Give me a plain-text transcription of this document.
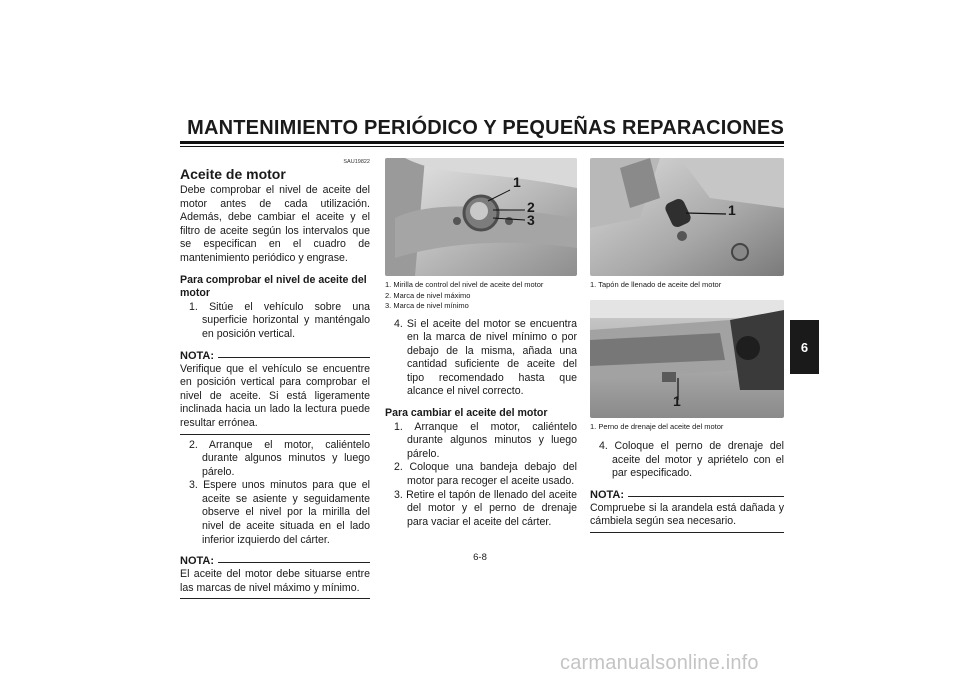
MANTENIMIENTO PERIÓDICO Y PEQUEÑAS REPARACIONES
SAU19822
Aceite de motor

Debe comprobar el nivel de aceite del motor antes de cada utilización. Además, debe cambiar el aceite y el filtro de aceite según los intervalos que se especifican en el cuadro de mantenimiento periódico y engrase.

Para comprobar el nivel de aceite del motor
1. Sitúe el vehículo sobre una superficie horizontal y manténgalo en posición vertical.
NOTA:

Verifique que el vehículo se encuentre en posición vertical para comprobar el nivel de aceite. Si está ligeramente inclinada hacia un lado la lectura puede resultar errónea.

2. Arranque el motor, caliéntelo durante algunos minutos y luego párelo.
3. Espere unos minutos para que el aceite se asiente y seguidamente observe el nivel por la mirilla del nivel de aceite situada en el lado inferior izquierdo del cárter.
NOTA:

El aceite del motor debe situarse entre las marcas de nivel máximo y mínimo.

1
2
3
1. Mirilla de control del nivel de aceite del motor
2. Marca de nivel máximo
3. Marca de nivel mínimo
4. Si el aceite del motor se encuentra en la marca de nivel mínimo o por debajo de la misma, añada una cantidad suficiente de aceite del tipo recomendado hasta que alcance el nivel correcto.
Para cambiar el aceite del motor
1. Arranque el motor, caliéntelo durante algunos minutos y luego párelo.
2. Coloque una bandeja debajo del motor para recoger el aceite usado.
3. Retire el tapón de llenado del aceite del motor y el perno de drenaje para vaciar el aceite del cárter.
1
1. Tapón de llenado de aceite del motor
1
1. Perno de drenaje del aceite del motor
4. Coloque el perno de drenaje del aceite del motor y apriételo con el par especificado.
NOTA:

Compruebe si la arandela está dañada y cámbiela según sea necesario.

6
6-8
carmanualsonline.info
